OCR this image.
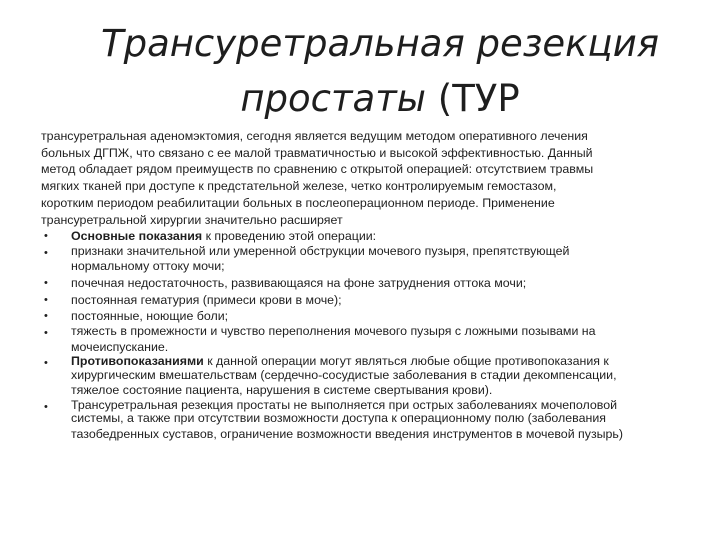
Трансуретральная резекция
простаты (ТУР
трансуретральная аденомэктомия, сегодня является ведущим методом оперативного лечения
больных ДГПЖ, что связано с ее малой травматичностью и высокой эффективностью. Данный
метод обладает рядом преимуществ по сравнению с открытой операцией: отсутствием травмы
мягких тканей при доступе к предстательной железе, четко контролируемым гемостазом,
коротким периодом реабилитации больных в послеоперационном периоде. Применение
трансуретральной хирургии значительно расширяет
• Основные показания к проведению этой операции:
• признаки значительной или умеренной обструкции мочевого пузыря, препятствующей
нормальному оттоку мочи;
• почечная недостаточность, развивающаяся на фоне затруднения оттока мочи;
• постоянная гематурия (примеси крови в моче);
• постоянные, ноющие боли;
• тяжесть в промежности и чувство переполнения мочевого пузыря с ложными позывами на
мочеиспускание.
• Противопоказаниями к данной операции могут являться любые общие противопоказания к
хирургическим вмешательствам (сердечно-сосудистые заболевания в стадии декомпенсации,
тяжелое состояние пациента, нарушения в системе свертывания крови).
• Трансуретральная резекция простаты не выполняется при острых заболеваниях мочеполовой
системы, а также при отсутствии возможности доступа к операционному полю (заболевания
тазобедренных суставов, ограничение возможности введения инструментов в мочевой пузырь)
